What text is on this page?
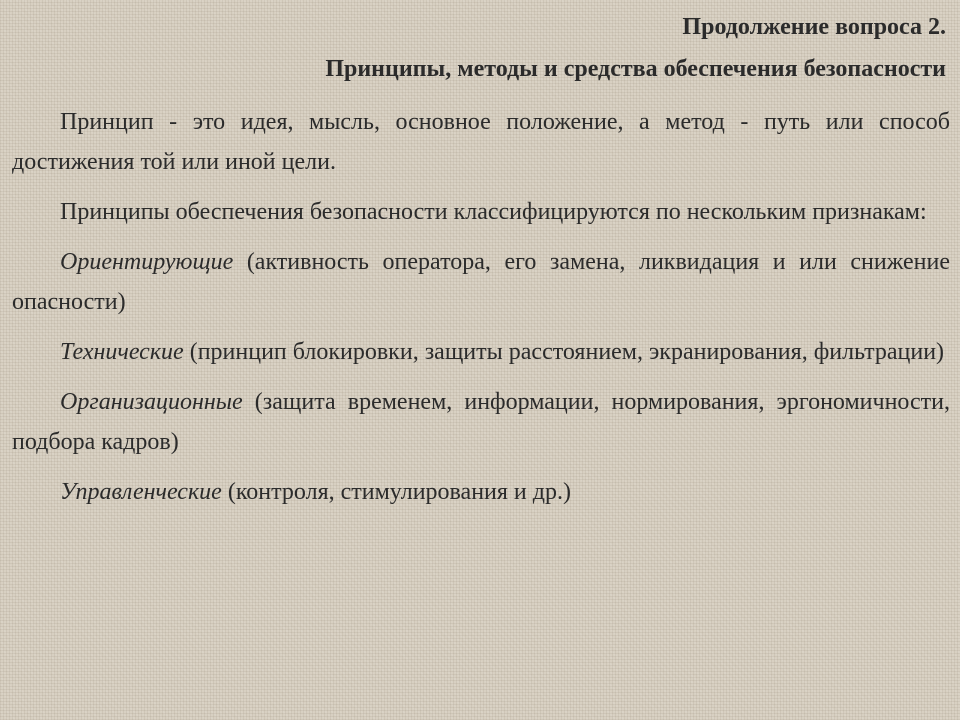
Продолжение вопроса 2.
Принципы, методы и средства обеспечения безопасности

Принцип - это идея, мысль, основное положение, а метод - путь или способ достижения той или иной цели.

Принципы обеспечения безопасности классифицируются по нескольким признакам:

Ориентирующие (активность оператора, его замена, ликвидация и или снижение опасности)

Технические (принцип блокировки, защиты расстоянием, экранирования, фильтрации)

Организационные (защита временем, информации, нормирования, эргономичности, подбора кадров)

Управленческие (контроля, стимулирования и др.)
